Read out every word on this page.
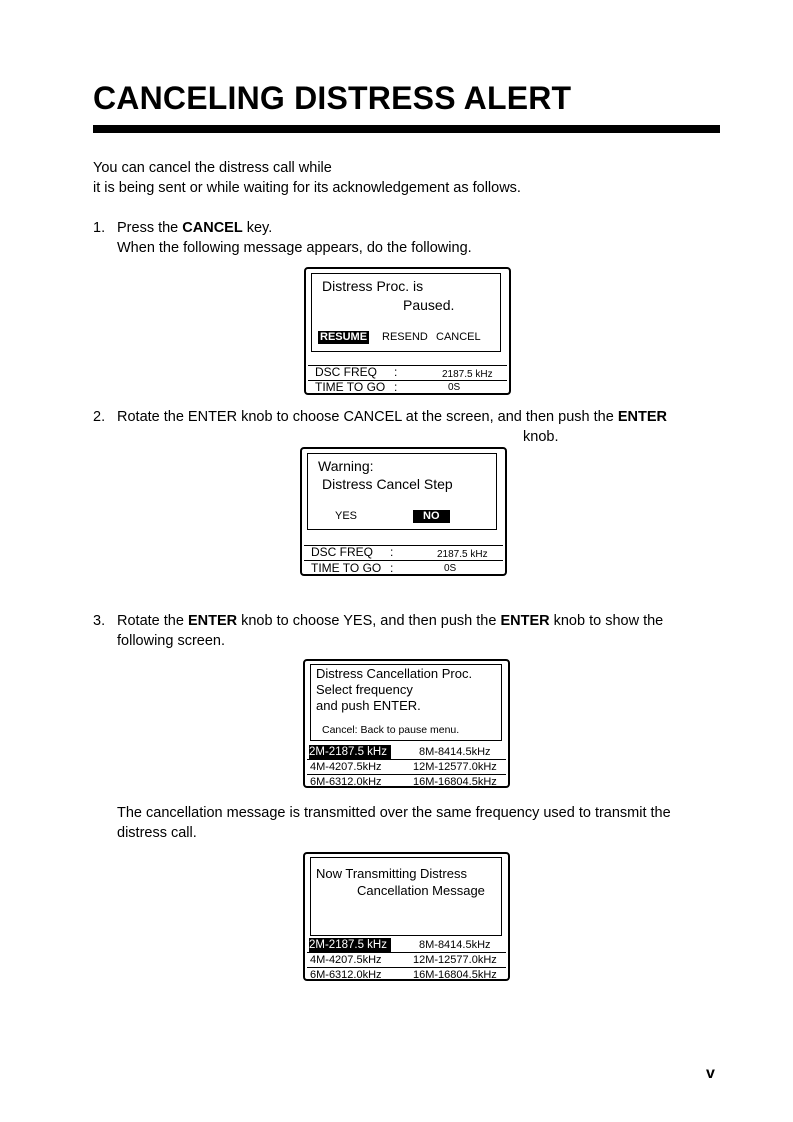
CANCELING DISTRESS ALERT

You can cancel the distress call while

it is being sent or while waiting for its acknowledgement as follows.

1. Press the CANCEL key.
When the following message appears, do the following.
Distress Proc. is
Paused.
RESUME RESEND CANCEL
DSC FREQ :	2187.5 kHz
TIME TO GO :	0S
2. Rotate the ENTER knob to choose CANCEL at the screen, and then push the ENTER
knob.
Warning:
Distress Cancel Step
YES	NO
DSC FREQ :	2187.5 kHz
TIME TO GO :	0S
3. Rotate the ENTER knob to choose YES, and then push the ENTER knob to show the
following screen.
Distress Cancellation Proc.
Select frequency
and push ENTER.
Cancel: Back to pause menu.
2M-2187.5 kHz	8M-8414.5kHz
4M-4207.5kHz	12M-12577.0kHz
6M-6312.0kHz	16M-16804.5kHz
The cancellation message is transmitted over the same frequency used to transmit the
distress call.
Now Transmitting Distress
Cancellation Message
2M-2187.5 kHz	8M-8414.5kHz
4M-4207.5kHz	12M-12577.0kHz
6M-6312.0kHz	16M-16804.5kHz
v
